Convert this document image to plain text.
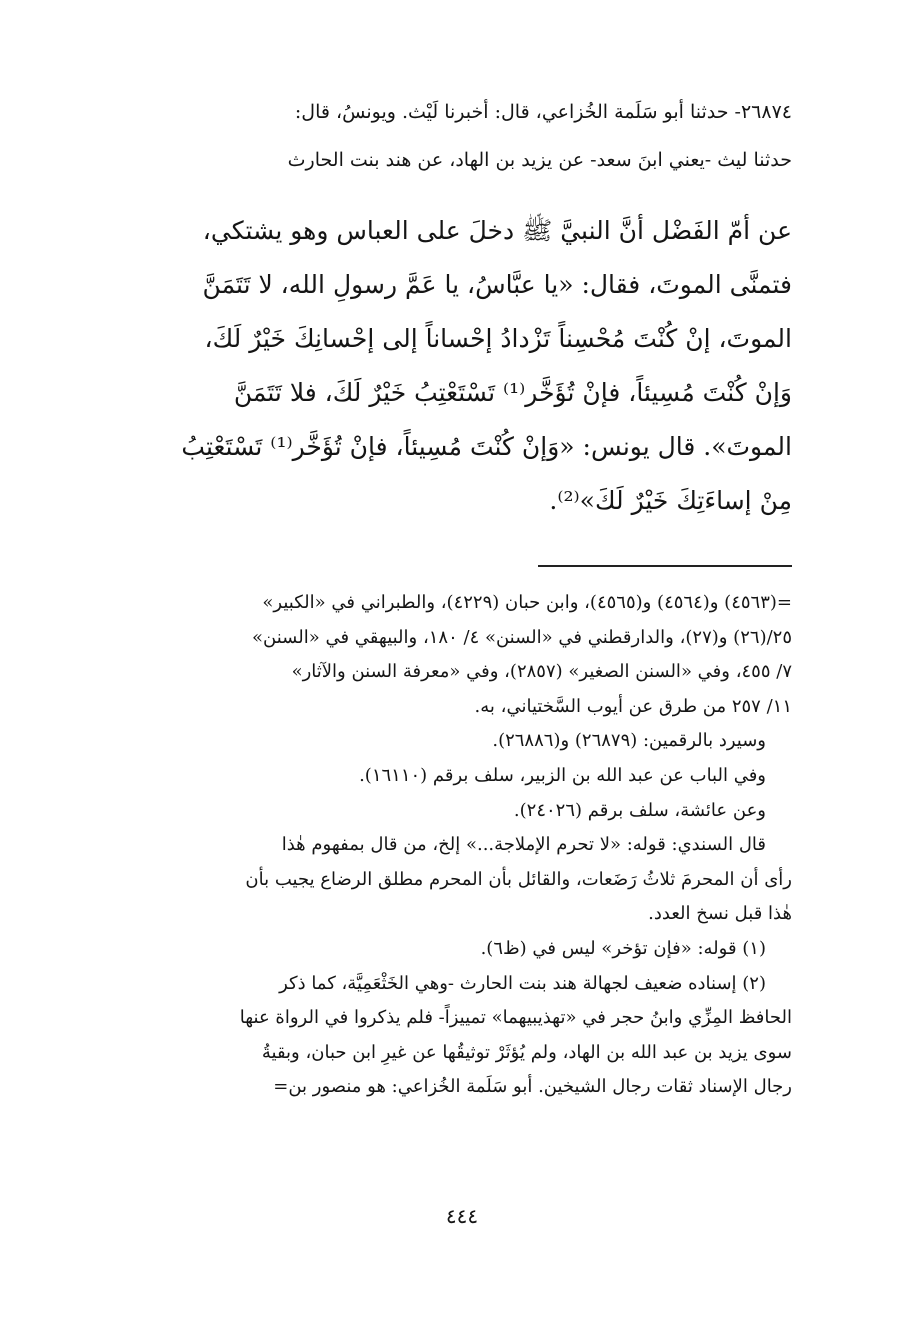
٢٦٨٧٤- حدثنا أبو سَلَمة الخُزاعي، قال: أخبرنا لَيْث. ويونسُ، قال:
حدثنا ليث -يعني ابنَ سعد- عن يزيد بن الهاد، عن هند بنت الحارث
عن أمّ الفَضْل أنَّ النبيَّ ﷺ دخلَ على العباس وهو يشتكي،
فتمنَّى الموتَ، فقال: «يا عبَّاسُ، يا عَمَّ رسولِ الله، لا تَتَمَنَّ
الموتَ، إنْ كُنْتَ مُحْسِناً تَزْدادُ إحْساناً إلى إحْسانِكَ خَيْرٌ لَكَ،
وَإنْ كُنْتَ مُسِيئاً، فإنْ تُؤَخَّر⁽¹⁾ تَسْتَعْتِبُ خَيْرٌ لَكَ، فلا تَتَمَنَّ
الموتَ». قال يونس: «وَإنْ كُنْتَ مُسِيئاً، فإنْ تُؤَخَّر⁽¹⁾ تَسْتَعْتِبُ
مِنْ إساءَتِكَ خَيْرٌ لَكَ»⁽²⁾.
=(٤٥٦٣) و(٤٥٦٤) و(٤٥٦٥)، وابن حبان (٤٢٢٩)، والطبراني في «الكبير»
٢٥/(٢٦) و(٢٧)، والدارقطني في «السنن» ٤/ ١٨٠، والبيهقي في «السنن»
٧/ ٤٥٥، وفي «السنن الصغير» (٢٨٥٧)، وفي «معرفة السنن والآثار»
١١/ ٢٥٧ من طرق عن أيوب السَّختياني، به.
وسيرد بالرقمين: (٢٦٨٧٩) و(٢٦٨٨٦).
وفي الباب عن عبد الله بن الزبير، سلف برقم (١٦١١٠).
وعن عائشة، سلف برقم (٢٤٠٢٦).
قال السندي: قوله: «لا تحرم الإملاجة...» إلخ، من قال بمفهوم هٰذا
رأى أن المحرمَ ثلاثُ رَضَعات، والقائل بأن المحرم مطلق الرضاع يجيب بأن
هٰذا قبل نسخ العدد.
(١) قوله: «فإن تؤخر» ليس في (ظ٦).
(٢) إسناده ضعيف لجهالة هند بنت الحارث -وهي الخَثْعَمِيَّة، كما ذكر
الحافظ المِزِّي وابنُ حجر في «تهذيبيهما» تمييزاً- فلم يذكروا في الرواة عنها
سوى يزيد بن عبد الله بن الهاد، ولم يُؤثَرْ توثيقُها عن غيرِ ابن حبان، وبقيةُ
رجال الإسناد ثقات رجال الشيخين. أبو سَلَمة الخُزاعي: هو منصور بن=
٤٤٤
